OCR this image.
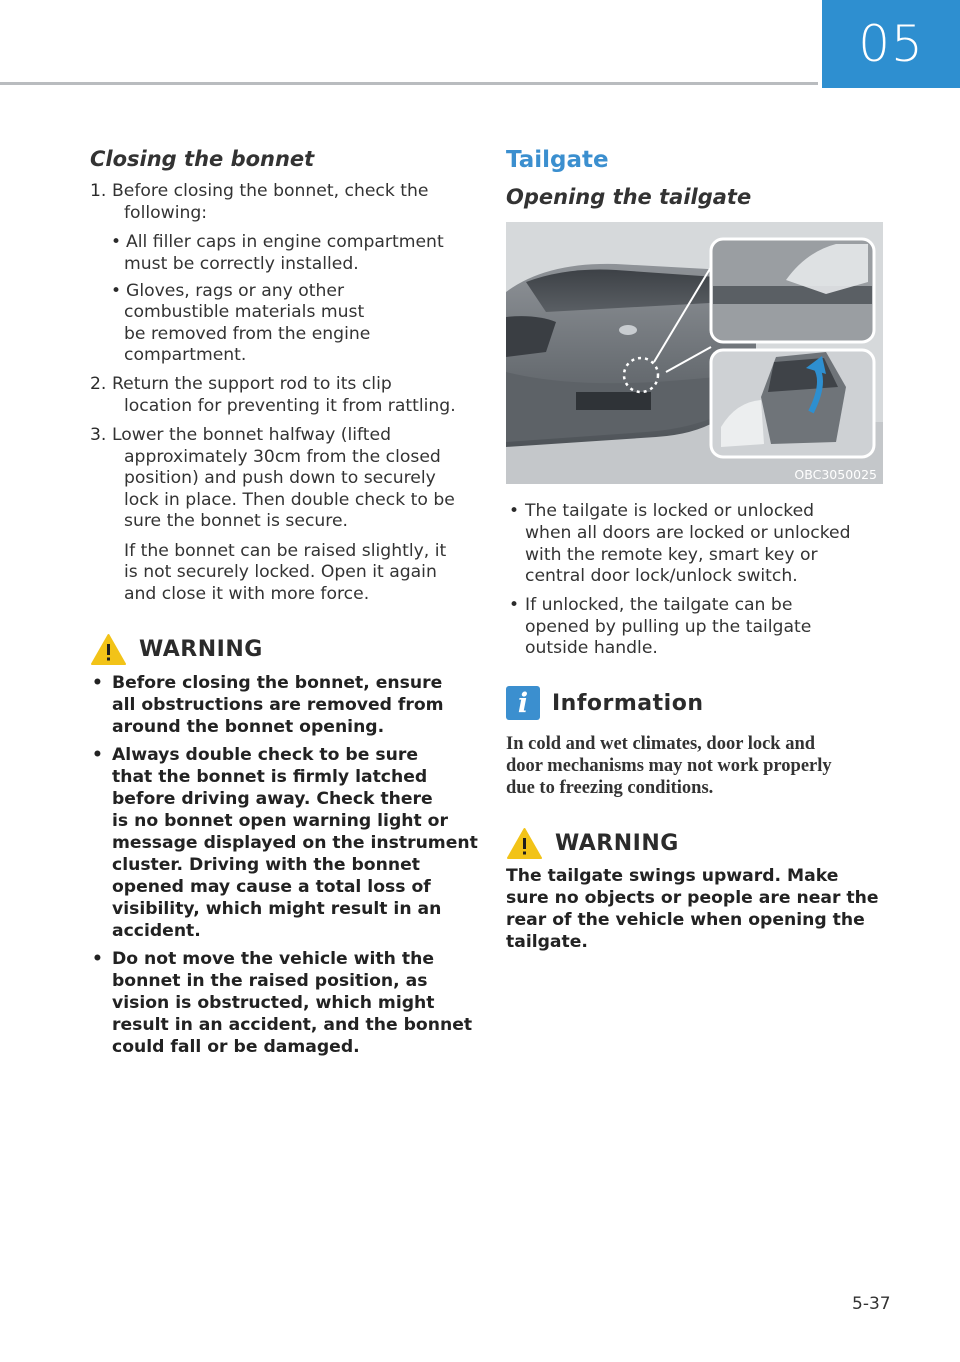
05
Closing the bonnet
1. Before closing the bonnet, check the

following:

• All filler caps in engine compartment

must be correctly installed.

• Gloves, rags or any other

combustible materials must

be removed from the engine

compartment.

2. Return the support rod to its clip

location for preventing it from rattling.

3. Lower the bonnet halfway (lifted

approximately 30cm from the closed

position) and push down to securely

lock in place. Then double check to be

sure the bonnet is secure.

If the bonnet can be raised slightly, it

is not securely locked. Open it again

and close it with more force.

WARNING
• Before closing the bonnet, ensure

all obstructions are removed from

around the bonnet opening.

• Always double check to be sure

that the bonnet is firmly latched

before driving away. Check there

is no bonnet open warning light or

message displayed on the instrument

cluster. Driving with the bonnet

opened may cause a total loss of

visibility, which might result in an

accident.

• Do not move the vehicle with the

bonnet in the raised position, as

vision is obstructed, which might

result in an accident, and the bonnet

could fall or be damaged.

Tailgate
Opening the tailgate
OBC3050025
• The tailgate is locked or unlocked

when all doors are locked or unlocked

with the remote key, smart key or

central door lock/unlock switch.

• If unlocked, the tailgate can be

opened by pulling up the tailgate

outside handle.

i	Information

In cold and wet climates, door lock and

door mechanisms may not work properly

due to freezing conditions.

WARNING

The tailgate swings upward. Make

sure no objects or people are near the

rear of the vehicle when opening the

tailgate.

5-37
